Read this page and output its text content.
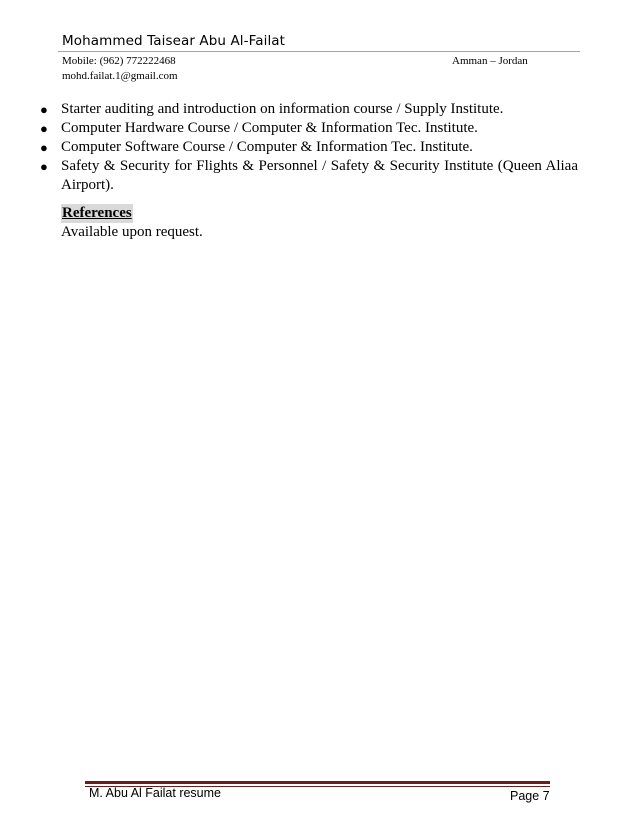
Mohammed Taisear Abu Al-Failat
Mobile: (962) 772222468	Amman – Jordan
mohd.failat.1@gmail.com
● Starter auditing and introduction on information course / Supply Institute.
● Computer Hardware Course / Computer & Information Tec. Institute.
● Computer Software Course / Computer & Information Tec. Institute.
● Safety & Security for Flights & Personnel / Safety & Security Institute (Queen Aliaa
Airport).
References
Available upon request.
M. Abu Al Failat resume	Page 7
